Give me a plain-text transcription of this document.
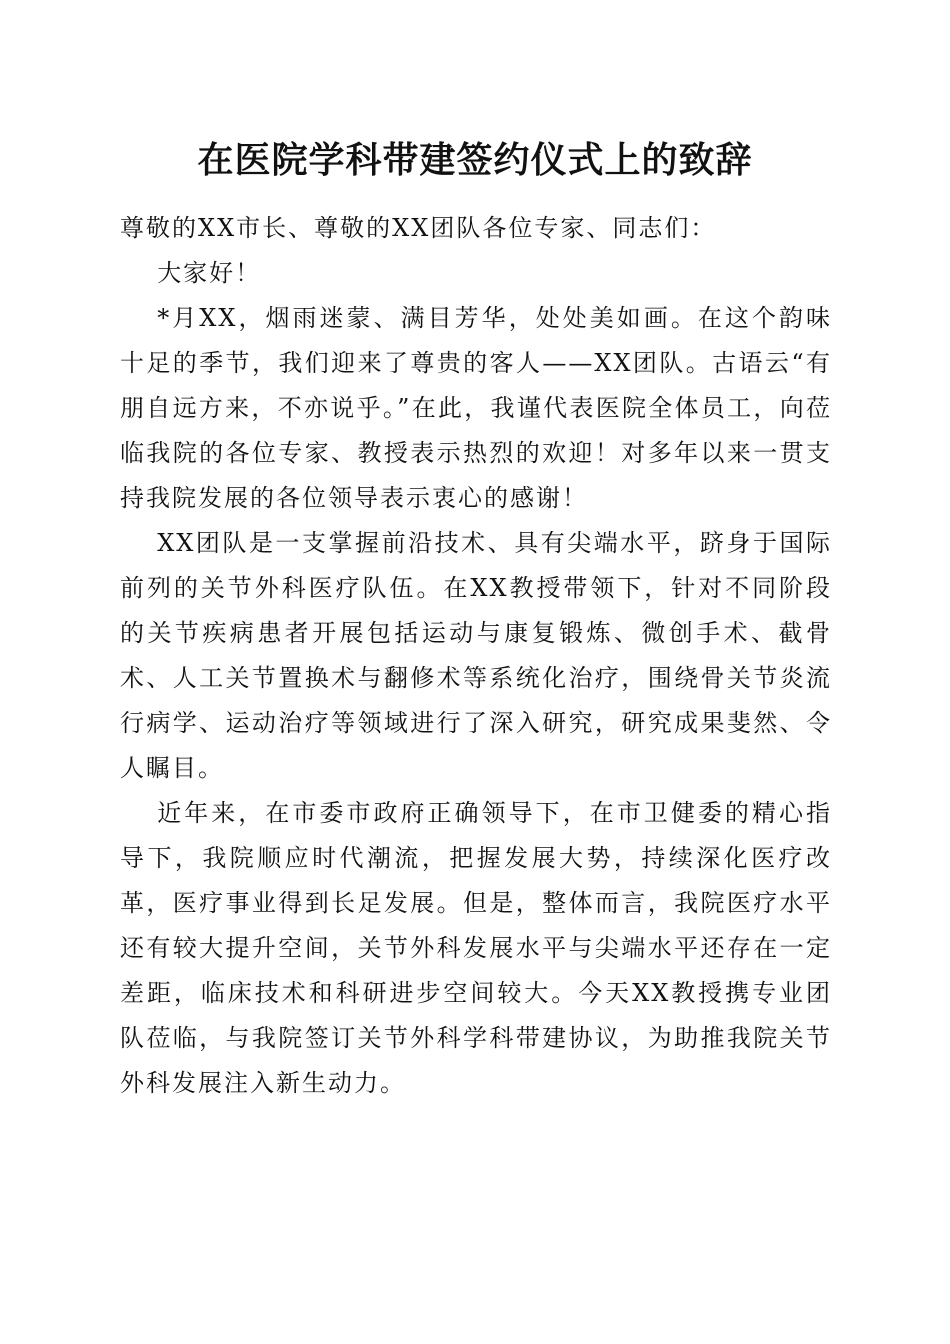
在医院学科带建签约仪式上的致辞

尊敬的XX市长、尊敬的XX团队各位专家、同志们：

大家好！

*月XX，烟雨迷蒙、满目芳华，处处美如画。在这个韵味十足的季节，我们迎来了尊贵的客人——XX团队。古语云“有朋自远方来，不亦说乎。”在此，我谨代表医院全体员工，向莅临我院的各位专家、教授表示热烈的欢迎！对多年以来一贯支持我院发展的各位领导表示衷心的感谢！

XX团队是一支掌握前沿技术、具有尖端水平，跻身于国际前列的关节外科医疗队伍。在XX教授带领下，针对不同阶段的关节疾病患者开展包括运动与康复锻炼、微创手术、截骨术、人工关节置换术与翻修术等系统化治疗，围绕骨关节炎流行病学、运动治疗等领域进行了深入研究，研究成果斐然、令人瞩目。

近年来，在市委市政府正确领导下，在市卫健委的精心指导下，我院顺应时代潮流，把握发展大势，持续深化医疗改革，医疗事业得到长足发展。但是，整体而言，我院医疗水平还有较大提升空间，关节外科发展水平与尖端水平还存在一定差距，临床技术和科研进步空间较大。今天XX教授携专业团队莅临，与我院签订关节外科学科带建协议，为助推我院关节外科发展注入新生动力。
